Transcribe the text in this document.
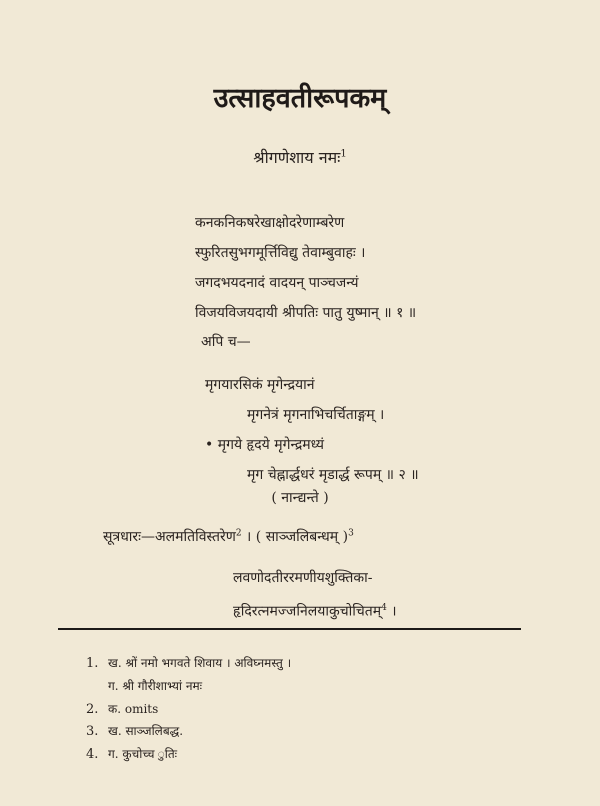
उत्साहवतीरूपकम्
श्रीगणेशाय नमः$^1$
कनकनिकषरेखाक्षोदरेणाम्बरेण
स्फुरितसुभगमूर्त्तिविद्यु तेवाम्बुवाहः ।
जगदभयदनादं वादयन् पाञ्चजन्यं
विजयविजयदायी श्रीपतिः पातु युष्मान् ॥ १ ॥
अपि च—
मृगयारसिकं मृगेन्द्रयानं
मृगनेत्रं मृगनाभिचर्चिताङ्गम् ।
• मृगये हृदये मृगेन्द्रमध्यं
मृग चेह्नार्द्धधरं मृडार्द्ध रूपम् ॥ २ ॥
( नान्द्यन्ते )
सूत्रधारः—अलमतिविस्तरेण$^2$ । ( साञ्जलिबन्धम् )$^3$
लवणोदतीररमणीयशुक्तिका-
हृदिरत्नमज्जनिलयाकुचोचितम्$^4$ ।
1. ख. श्रों नमो भगवते शिवाय । अविघ्नमस्तु ।
ग. श्री गौरीशाभ्यां नमः
2. क. omits
3. ख. साञ्जलिबद्ध.
4. ग. कुचोच्च ुतिः
